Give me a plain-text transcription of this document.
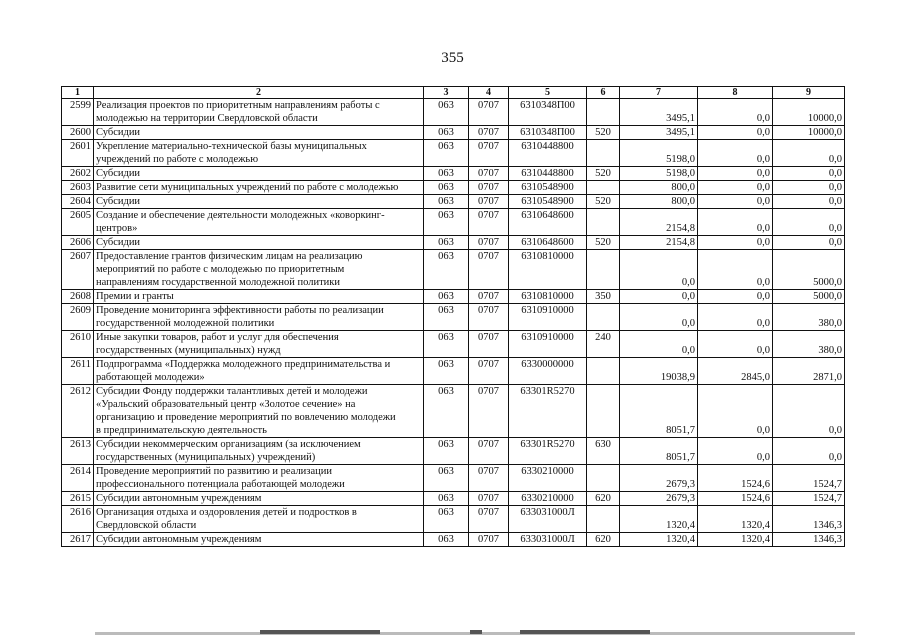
355
1	2	3	4	5	6	7	8	9
2599	Реализация проектов по приоритетным направлениям работы с
молодежью на территории Свердловской области	063	0707	6310348П00		3495,1	0,0	10000,0
2600	Субсидии	063	0707	6310348П00	520	3495,1	0,0	10000,0
2601	Укрепление материально-технической базы муниципальных
учреждений по работе с молодежью	063	0707	6310448800		5198,0	0,0	0,0
2602	Субсидии	063	0707	6310448800	520	5198,0	0,0	0,0
2603	Развитие сети муниципальных учреждений по работе с молодежью	063	0707	6310548900		800,0	0,0	0,0
2604	Субсидии	063	0707	6310548900	520	800,0	0,0	0,0
2605	Создание и обеспечение деятельности молодежных «коворкинг-
центров»	063	0707	6310648600		2154,8	0,0	0,0
2606	Субсидии	063	0707	6310648600	520	2154,8	0,0	0,0
2607	Предоставление грантов физическим лицам на реализацию
мероприятий по работе с молодежью по приоритетным
направлениям государственной молодежной политики	063	0707	6310810000		0,0	0,0	5000,0
2608	Премии и гранты	063	0707	6310810000	350	0,0	0,0	5000,0
2609	Проведение мониторинга эффективности работы по реализации
государственной молодежной политики	063	0707	6310910000		0,0	0,0	380,0
2610	Иные закупки товаров, работ и услуг для обеспечения
государственных (муниципальных) нужд	063	0707	6310910000	240	0,0	0,0	380,0
2611	Подпрограмма «Поддержка молодежного предпринимательства и
работающей молодежи»	063	0707	6330000000		19038,9	2845,0	2871,0
2612	Субсидии Фонду поддержки талантливых детей и молодежи
«Уральский образовательный центр «Золотое сечение» на
организацию и проведение мероприятий по вовлечению молодежи
в предпринимательскую деятельность	063	0707	63301R5270		8051,7	0,0	0,0
2613	Субсидии некоммерческим организациям (за исключением
государственных (муниципальных) учреждений)	063	0707	63301R5270	630	8051,7	0,0	0,0
2614	Проведение мероприятий по развитию и реализации
профессионального потенциала работающей молодежи	063	0707	6330210000		2679,3	1524,6	1524,7
2615	Субсидии автономным учреждениям	063	0707	6330210000	620	2679,3	1524,6	1524,7
2616	Организация отдыха и оздоровления детей и подростков в
Свердловской области	063	0707	633031000Л		1320,4	1320,4	1346,3
2617	Субсидии автономным учреждениям	063	0707	633031000Л	620	1320,4	1320,4	1346,3
